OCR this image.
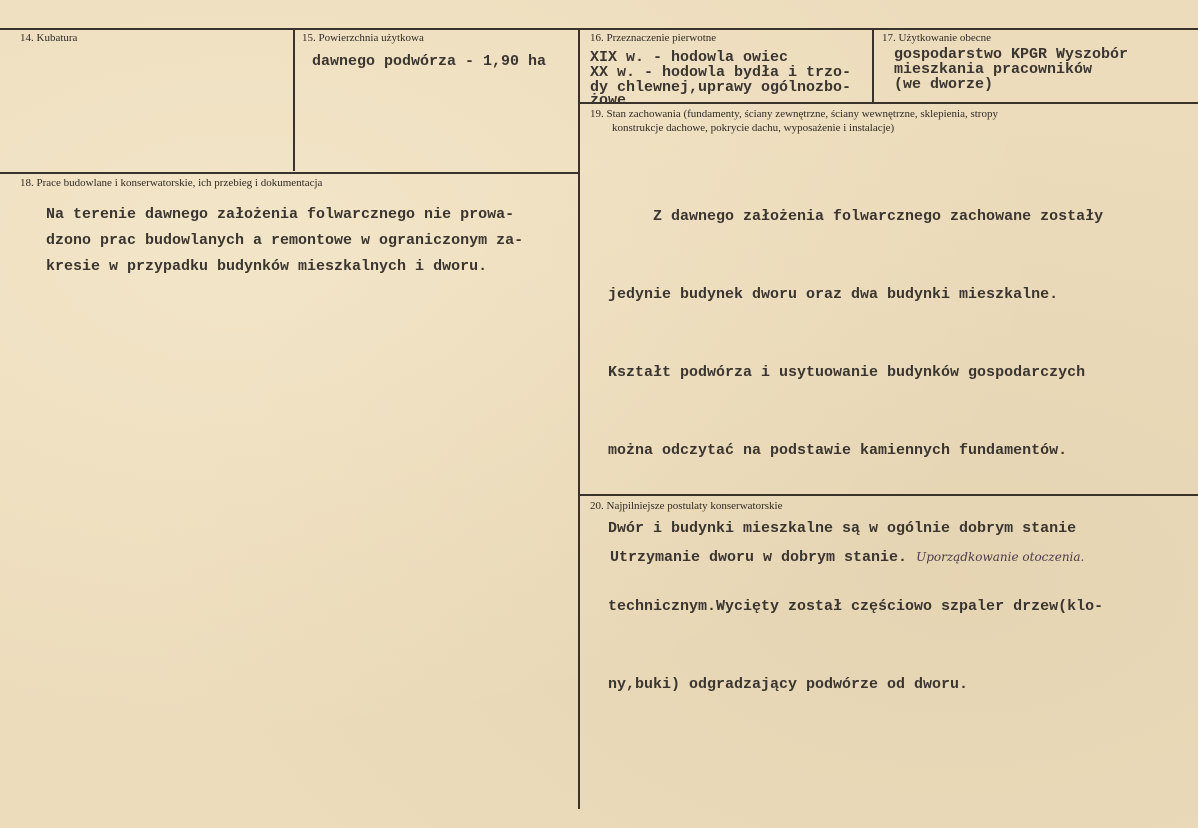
14. Kubatura	15. Powierzchnia użytkowa
dawnego podwórza - 1,90 ha
16. Przeznaczenie pierwotne
XIX w. - hodowla owiec
XX w. - hodowla bydła i trzo-
dy chlewnej,uprawy ogólnozbo-
żowe
17. Użytkowanie obecne
gospodarstwo KPGR Wyszobór
mieszkania pracowników
(we dworze)
18. Prace budowlane i konserwatorskie, ich przebieg i dokumentacja
Na terenie dawnego założenia folwarcznego nie prowa-
dzono prac budowlanych a remontowe w ograniczonym za-
kresie w przypadku budynków mieszkalnych i dworu.
19. Stan zachowania (fundamenty, ściany zewnętrzne, ściany wewnętrzne, sklepienia, stropy
konstrukcje dachowe, pokrycie dachu, wyposażenie i instalacje)

Z dawnego założenia folwarcznego zachowane zostały

jedynie budynek dworu oraz dwa budynki mieszkalne.

Kształt podwórza i usytuowanie budynków gospodarczych

można odczytać na podstawie kamiennych fundamentów.

Dwór i budynki mieszkalne są w ogólnie dobrym stanie

technicznym.Wycięty został częściowo szpaler drzew(klo-

ny,buki) odgradzający podwórze od dworu.

20. Najpilniejsze postulaty konserwatorskie
Utrzymanie dworu w dobrym stanie. Uporządkowanie otoczenia.
